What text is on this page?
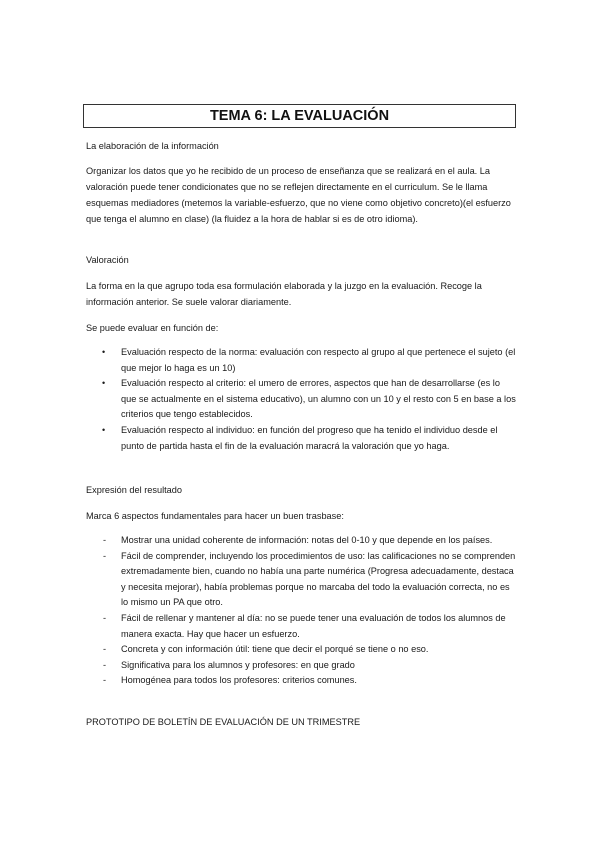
TEMA 6: LA EVALUACIÓN
La elaboración de la información
Organizar los datos que yo he recibido de un proceso de enseñanza que se realizará en el aula. La valoración puede tener condicionates que no se reflejen directamente en el curriculum. Se le llama esquemas mediadores (metemos la variable-esfuerzo, que no viene como objetivo concreto)(el esfuerzo que tenga el alumno en clase) (la fluidez a la hora de hablar si es de otro idioma).
Valoración
La forma en la que agrupo toda esa formulación elaborada y la juzgo en la evaluación. Recoge la información anterior. Se suele valorar diariamente.
Se puede evaluar en función de:
• Evaluación respecto de la norma: evaluación con respecto al grupo al que pertenece el sujeto (el que mejor lo haga es un 10)
• Evaluación respecto al criterio: el umero de errores, aspectos que han de desarrollarse (es lo que se actualmente en el sistema educativo), un alumno con un 10 y el resto con 5 en base a los criterios que tengo establecidos.
• Evaluación respecto al individuo: en función del progreso que ha tenido el individuo desde el punto de partida hasta el fin de la evaluación maracrá la valoración que yo haga.
Expresión del resultado
Marca 6 aspectos fundamentales para hacer un buen trasbase:
- Mostrar una unidad coherente de información: notas del 0-10 y que depende en los países.
- Fácil de comprender, incluyendo los procedimientos de uso: las calificaciones no se comprenden extremadamente bien, cuando no había una parte numérica (Progresa adecuadamente, destaca y necesita mejorar), había problemas porque no marcaba del todo la evaluación correcta, no es lo mismo un PA que otro.
- Fácil de rellenar y mantener al día: no se puede tener una evaluación de todos los alumnos de manera exacta. Hay que hacer un esfuerzo.
- Concreta y con información útil: tiene que decir el porqué se tiene o no eso.
- Significativa para los alumnos y profesores: en que grado
- Homogénea para todos los profesores: criterios comunes.
PROTOTIPO DE BOLETÍN DE EVALUACIÓN DE UN TRIMESTRE
